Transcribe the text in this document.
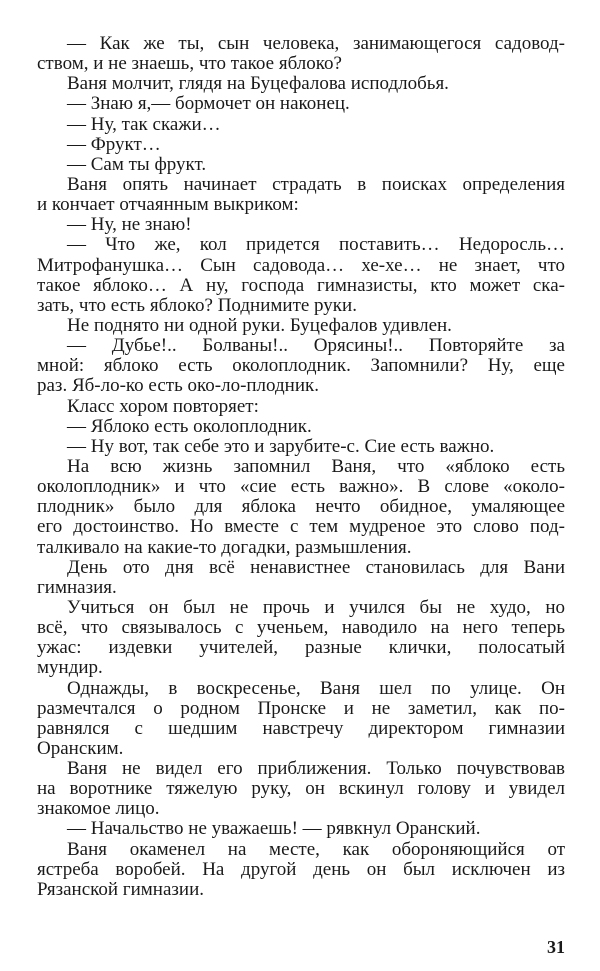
— Как же ты, сын человека, занимающегося садовод-
ством, и не знаешь, что такое яблоко?
Ваня молчит, глядя на Буцефалова исподлобья.
— Знаю я,— бормочет он наконец.
— Ну, так скажи…
— Фрукт…
— Сам ты фрукт.
Ваня опять начинает страдать в поисках определения
и кончает отчаянным выкриком:
— Ну, не знаю!
— Что же, кол придется поставить… Недоросль…
Митрофанушка… Сын садовода… хе-хе… не знает, что
такое яблоко… А ну, господа гимназисты, кто может ска-
зать, что есть яблоко? Поднимите руки.
Не поднято ни одной руки. Буцефалов удивлен.
— Дубье!.. Болваны!.. Орясины!.. Повторяйте за
мной: яблоко есть околоплодник. Запомнили? Ну, еще
раз. Яб-ло-ко есть око-ло-плодник.
Класс хором повторяет:
— Яблоко есть околоплодник.
— Ну вот, так себе это и зарубите-с. Сие есть важно.
На всю жизнь запомнил Ваня, что «яблоко есть
околоплодник» и что «сие есть важно». В слове «около-
плодник» было для яблока нечто обидное, умаляющее
его достоинство. Но вместе с тем мудреное это слово под-
талкивало на какие-то догадки, размышления.
День ото дня всё ненавистнее становилась для Вани
гимназия.
Учиться он был не прочь и учился бы не худо, но
всё, что связывалось с ученьем, наводило на него теперь
ужас: издевки учителей, разные клички, полосатый
мундир.
Однажды, в воскресенье, Ваня шел по улице. Он
размечтался о родном Пронске и не заметил, как по-
равнялся с шедшим навстречу директором гимназии
Оранским.
Ваня не видел его приближения. Только почувствовав
на воротнике тяжелую руку, он вскинул голову и увидел
знакомое лицо.
— Начальство не уважаешь! — рявкнул Оранский.
Ваня окаменел на месте, как обороняющийся от
ястреба воробей. На другой день он был исключен из
Рязанской гимназии.
31
